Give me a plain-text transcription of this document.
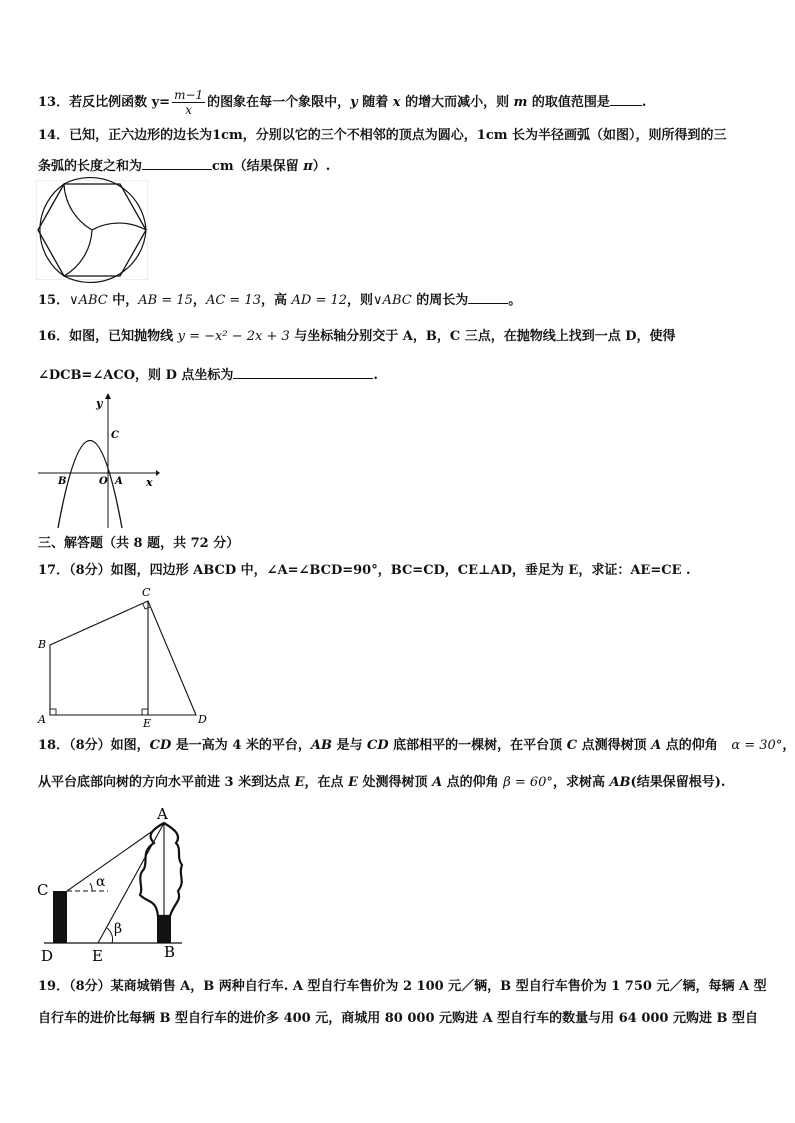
13．若反比例函数 $y= \frac{m-1}{x}$ 的图象在每一个象限中，y 随着 x 的增大而减小，则 m 的取值范围是 .
14．已知，正六边形的边长为1cm，分别以它的三个不相邻的顶点为圆心，1cm 长为半径画弧（如图），则所得到的三
条弧的长度之和为	cm（结果保留 π）.
15．∨ABC 中，AB = 15，AC = 13，高 AD = 12，则∨ABC 的周长为	。
16．如图，已知抛物线 y = −x² − 2x + 3 与坐标轴分别交于 A，B，C 三点，在抛物线上找到一点 D，使得
∠DCB=∠ACO，则 D 点坐标为	.
y
x
C
B	O A
三、解答题（共 8 题，共 72 分）
17．（8分）如图，四边形 ABCD 中，∠A=∠BCD=90°，BC=CD，CE⊥AD，垂足为 E，求证：AE=CE .
C
B
A	E	D
18．（8分）如图，CD 是一高为 4 米的平台，AB 是与 CD 底部相平的一棵树，在平台顶 C 点测得树顶 A 点的仰角 α = 30°，
从平台底部向树的方向水平前进 3 米到达点 E，在点 E 处测得树顶 A 点的仰角 β = 60°，求树高 AB(结果保留根号).
A
C	α
β
D	E	B
19．（8分）某商城销售 A，B 两种自行车. A 型自行车售价为 2 100 元／辆，B 型自行车售价为 1 750 元／辆，每辆 A 型
自行车的进价比每辆 B 型自行车的进价多 400 元，商城用 80 000 元购进 A 型自行车的数量与用 64 000 元购进 B 型自
